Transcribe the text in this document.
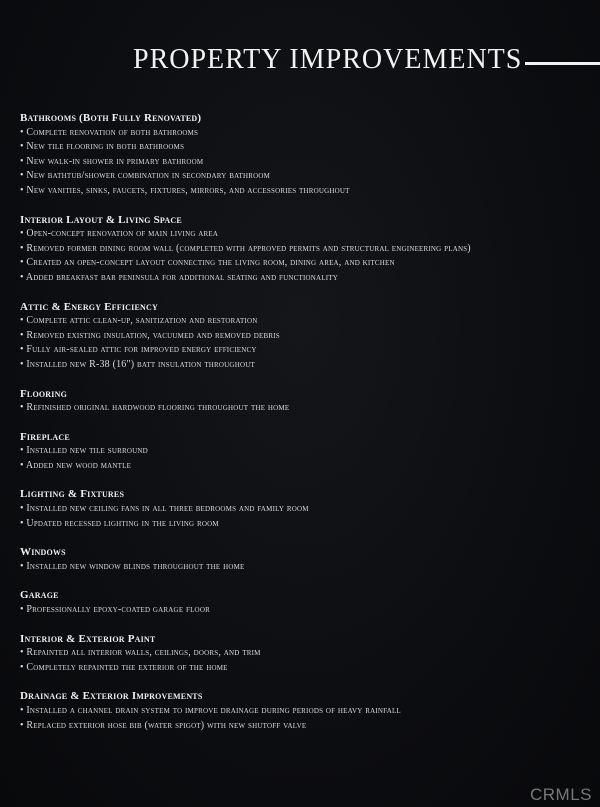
PROPERTY IMPROVEMENTS
Bathrooms (Both Fully Renovated)
• Complete renovation of both bathrooms
• New tile flooring in both bathrooms
• New walk-in shower in primary bathroom
• New bathtub/shower combination in secondary bathroom
• New vanities, sinks, faucets, fixtures, mirrors, and accessories throughout
Interior Layout & Living Space
• Open-concept renovation of main living area
• Removed former dining room wall (completed with approved permits and structural engineering plans)
• Created an open-concept layout connecting the living room, dining area, and kitchen
• Added breakfast bar peninsula for additional seating and functionality
Attic & Energy Efficiency
• Complete attic clean-up, sanitization and restoration
• Removed existing insulation, vacuumed and removed debris
• Fully air-sealed attic for improved energy efficiency
• Installed new R-38 (16") batt insulation throughout
Flooring
• Refinished original hardwood flooring throughout the home
Fireplace
• Installed new tile surround
• Added new wood mantle
Lighting & Fixtures
• Installed new ceiling fans in all three bedrooms and family room
• Updated recessed lighting in the living room
Windows
• Installed new window blinds throughout the home
Garage
• Professionally epoxy-coated garage floor
Interior & Exterior Paint
• Repainted all interior walls, ceilings, doors, and trim
• Completely repainted the exterior of the home
Drainage & Exterior Improvements
• Installed a channel drain system to improve drainage during periods of heavy rainfall
• Replaced exterior hose bib (water spigot) with new shutoff valve
CRMLS
